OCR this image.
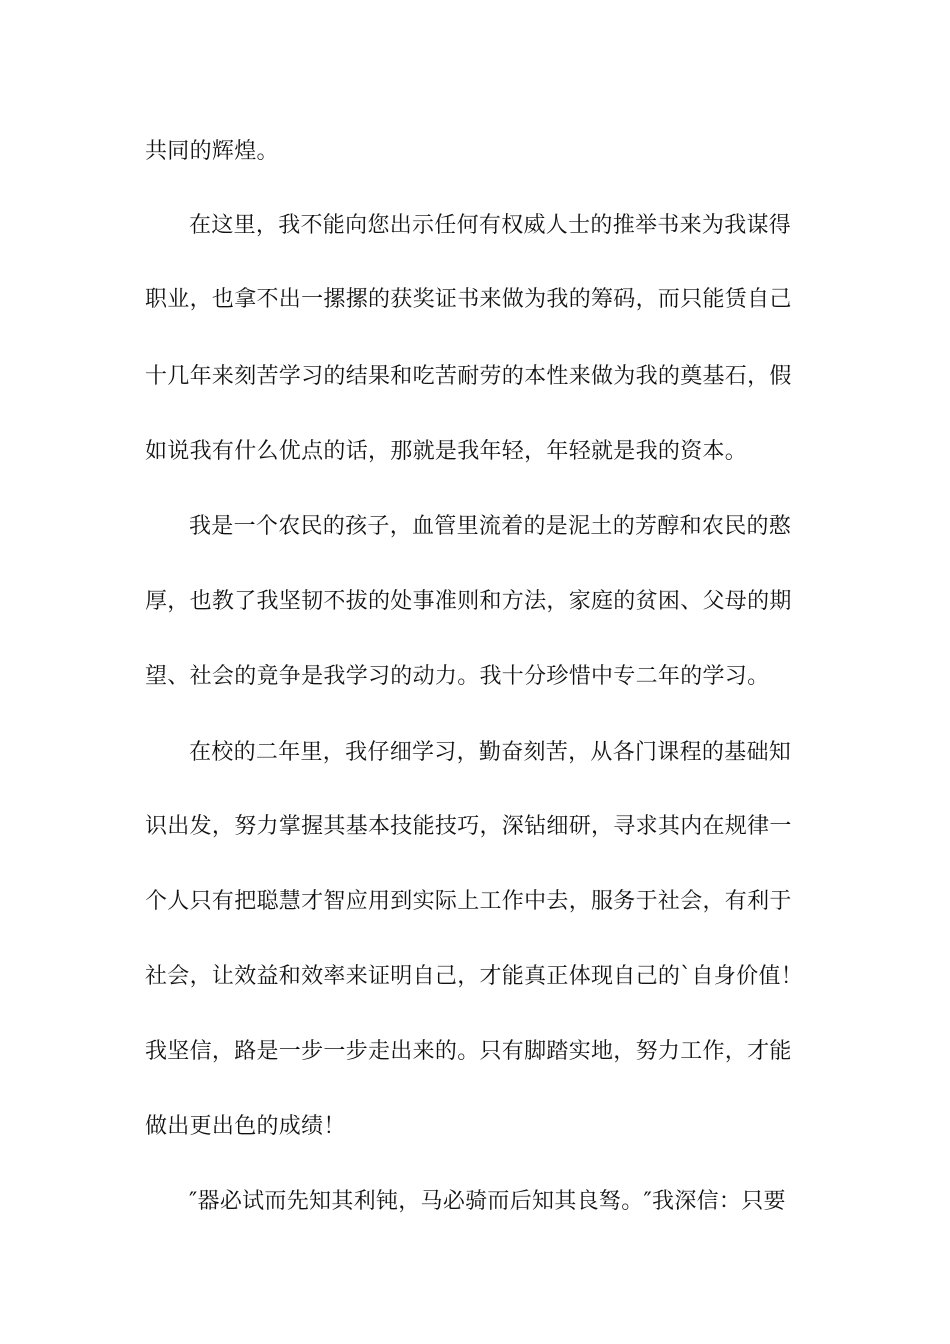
共同的辉煌。
在这里，我不能向您出示任何有权威人士的推举书来为我谋得
职业，也拿不出一摞摞的获奖证书来做为我的筹码，而只能赁自己
十几年来刻苦学习的结果和吃苦耐劳的本性来做为我的奠基石，假
如说我有什么优点的话，那就是我年轻，年轻就是我的资本。
我是一个农民的孩子，血管里流着的是泥土的芳醇和农民的憨
厚，也教了我坚韧不拔的处事准则和方法，家庭的贫困、父母的期
望、社会的竟争是我学习的动力。我十分珍惜中专二年的学习。
在校的二年里，我仔细学习，勤奋刻苦，从各门课程的基础知
识出发，努力掌握其基本技能技巧，深钻细研，寻求其内在规律一
个人只有把聪慧才智应用到实际上工作中去，服务于社会，有利于
社会，让效益和效率来证明自己，才能真正体现自己的`自身价值！
我坚信，路是一步一步走出来的。只有脚踏实地，努力工作，才能
做出更出色的成绩！
″器必试而先知其利钝，马必骑而后知其良驽。″我深信：只要
